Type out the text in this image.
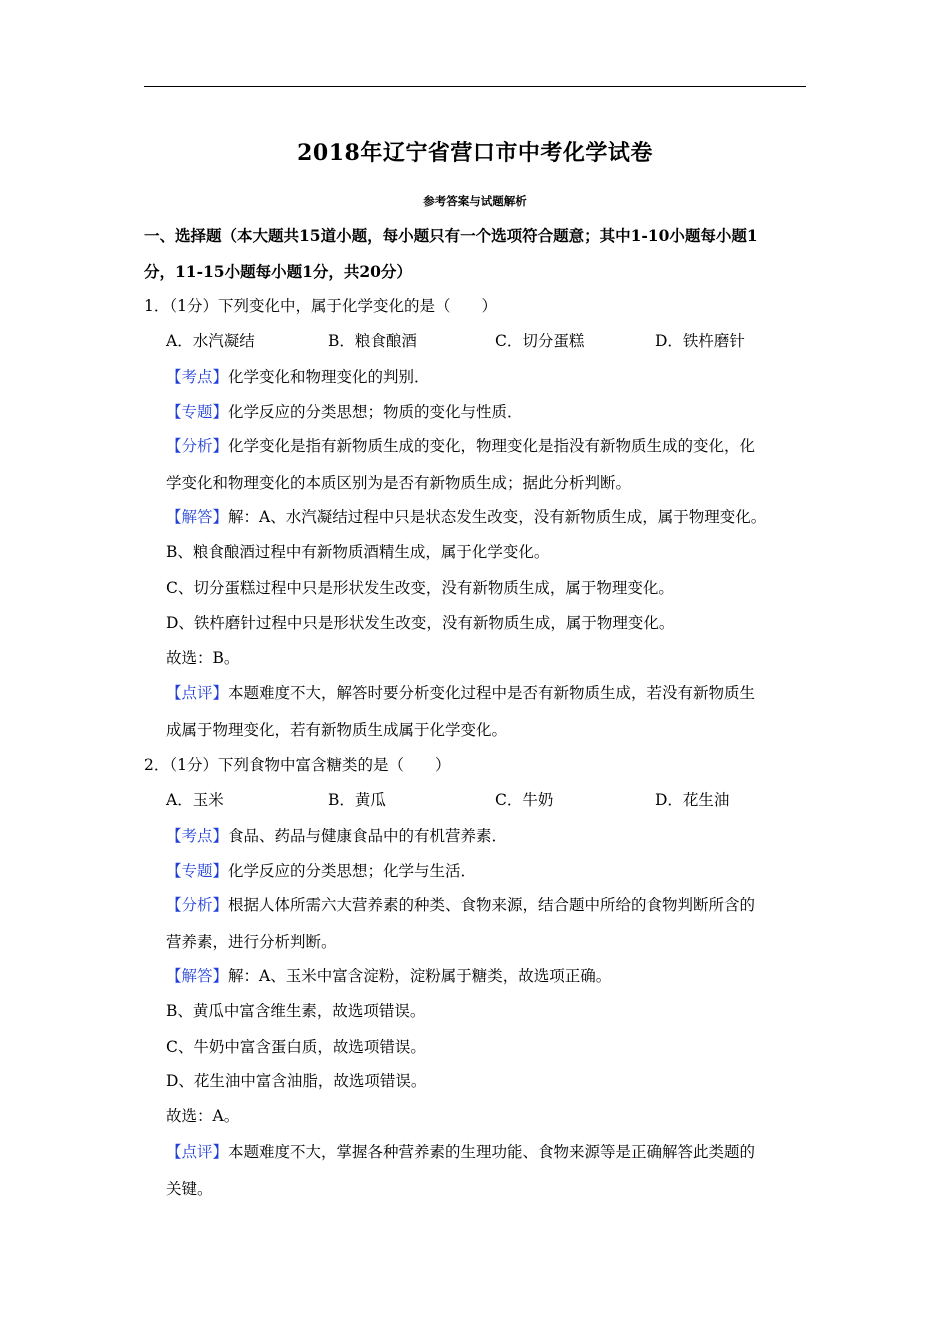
2018年辽宁省营口市中考化学试卷
参考答案与试题解析
一、选择题（本大题共15道小题，每小题只有一个选项符合题意；其中1-10小题每小题1
分，11-15小题每小题1分，共20分）
1．（1分）下列变化中，属于化学变化的是（　　）
A．水汽凝结	B．粮食酿酒	C．切分蛋糕	D．铁杵磨针
【考点】化学变化和物理变化的判别．
【专题】化学反应的分类思想；物质的变化与性质．
【分析】化学变化是指有新物质生成的变化，物理变化是指没有新物质生成的变化，化
学变化和物理变化的本质区别为是否有新物质生成；据此分析判断。
【解答】解：A、水汽凝结过程中只是状态发生改变，没有新物质生成，属于物理变化。
B、粮食酿酒过程中有新物质酒精生成，属于化学变化。
C、切分蛋糕过程中只是形状发生改变，没有新物质生成，属于物理变化。
D、铁杵磨针过程中只是形状发生改变，没有新物质生成，属于物理变化。
故选：B。
【点评】本题难度不大，解答时要分析变化过程中是否有新物质生成，若没有新物质生
成属于物理变化，若有新物质生成属于化学变化。
2．（1分）下列食物中富含糖类的是（　　）
A．玉米	B．黄瓜	C．牛奶	D．花生油
【考点】食品、药品与健康食品中的有机营养素．
【专题】化学反应的分类思想；化学与生活．
【分析】根据人体所需六大营养素的种类、食物来源，结合题中所给的食物判断所含的
营养素，进行分析判断。
【解答】解：A、玉米中富含淀粉，淀粉属于糖类，故选项正确。
B、黄瓜中富含维生素，故选项错误。
C、牛奶中富含蛋白质，故选项错误。
D、花生油中富含油脂，故选项错误。
故选：A。
【点评】本题难度不大，掌握各种营养素的生理功能、食物来源等是正确解答此类题的
关键。
